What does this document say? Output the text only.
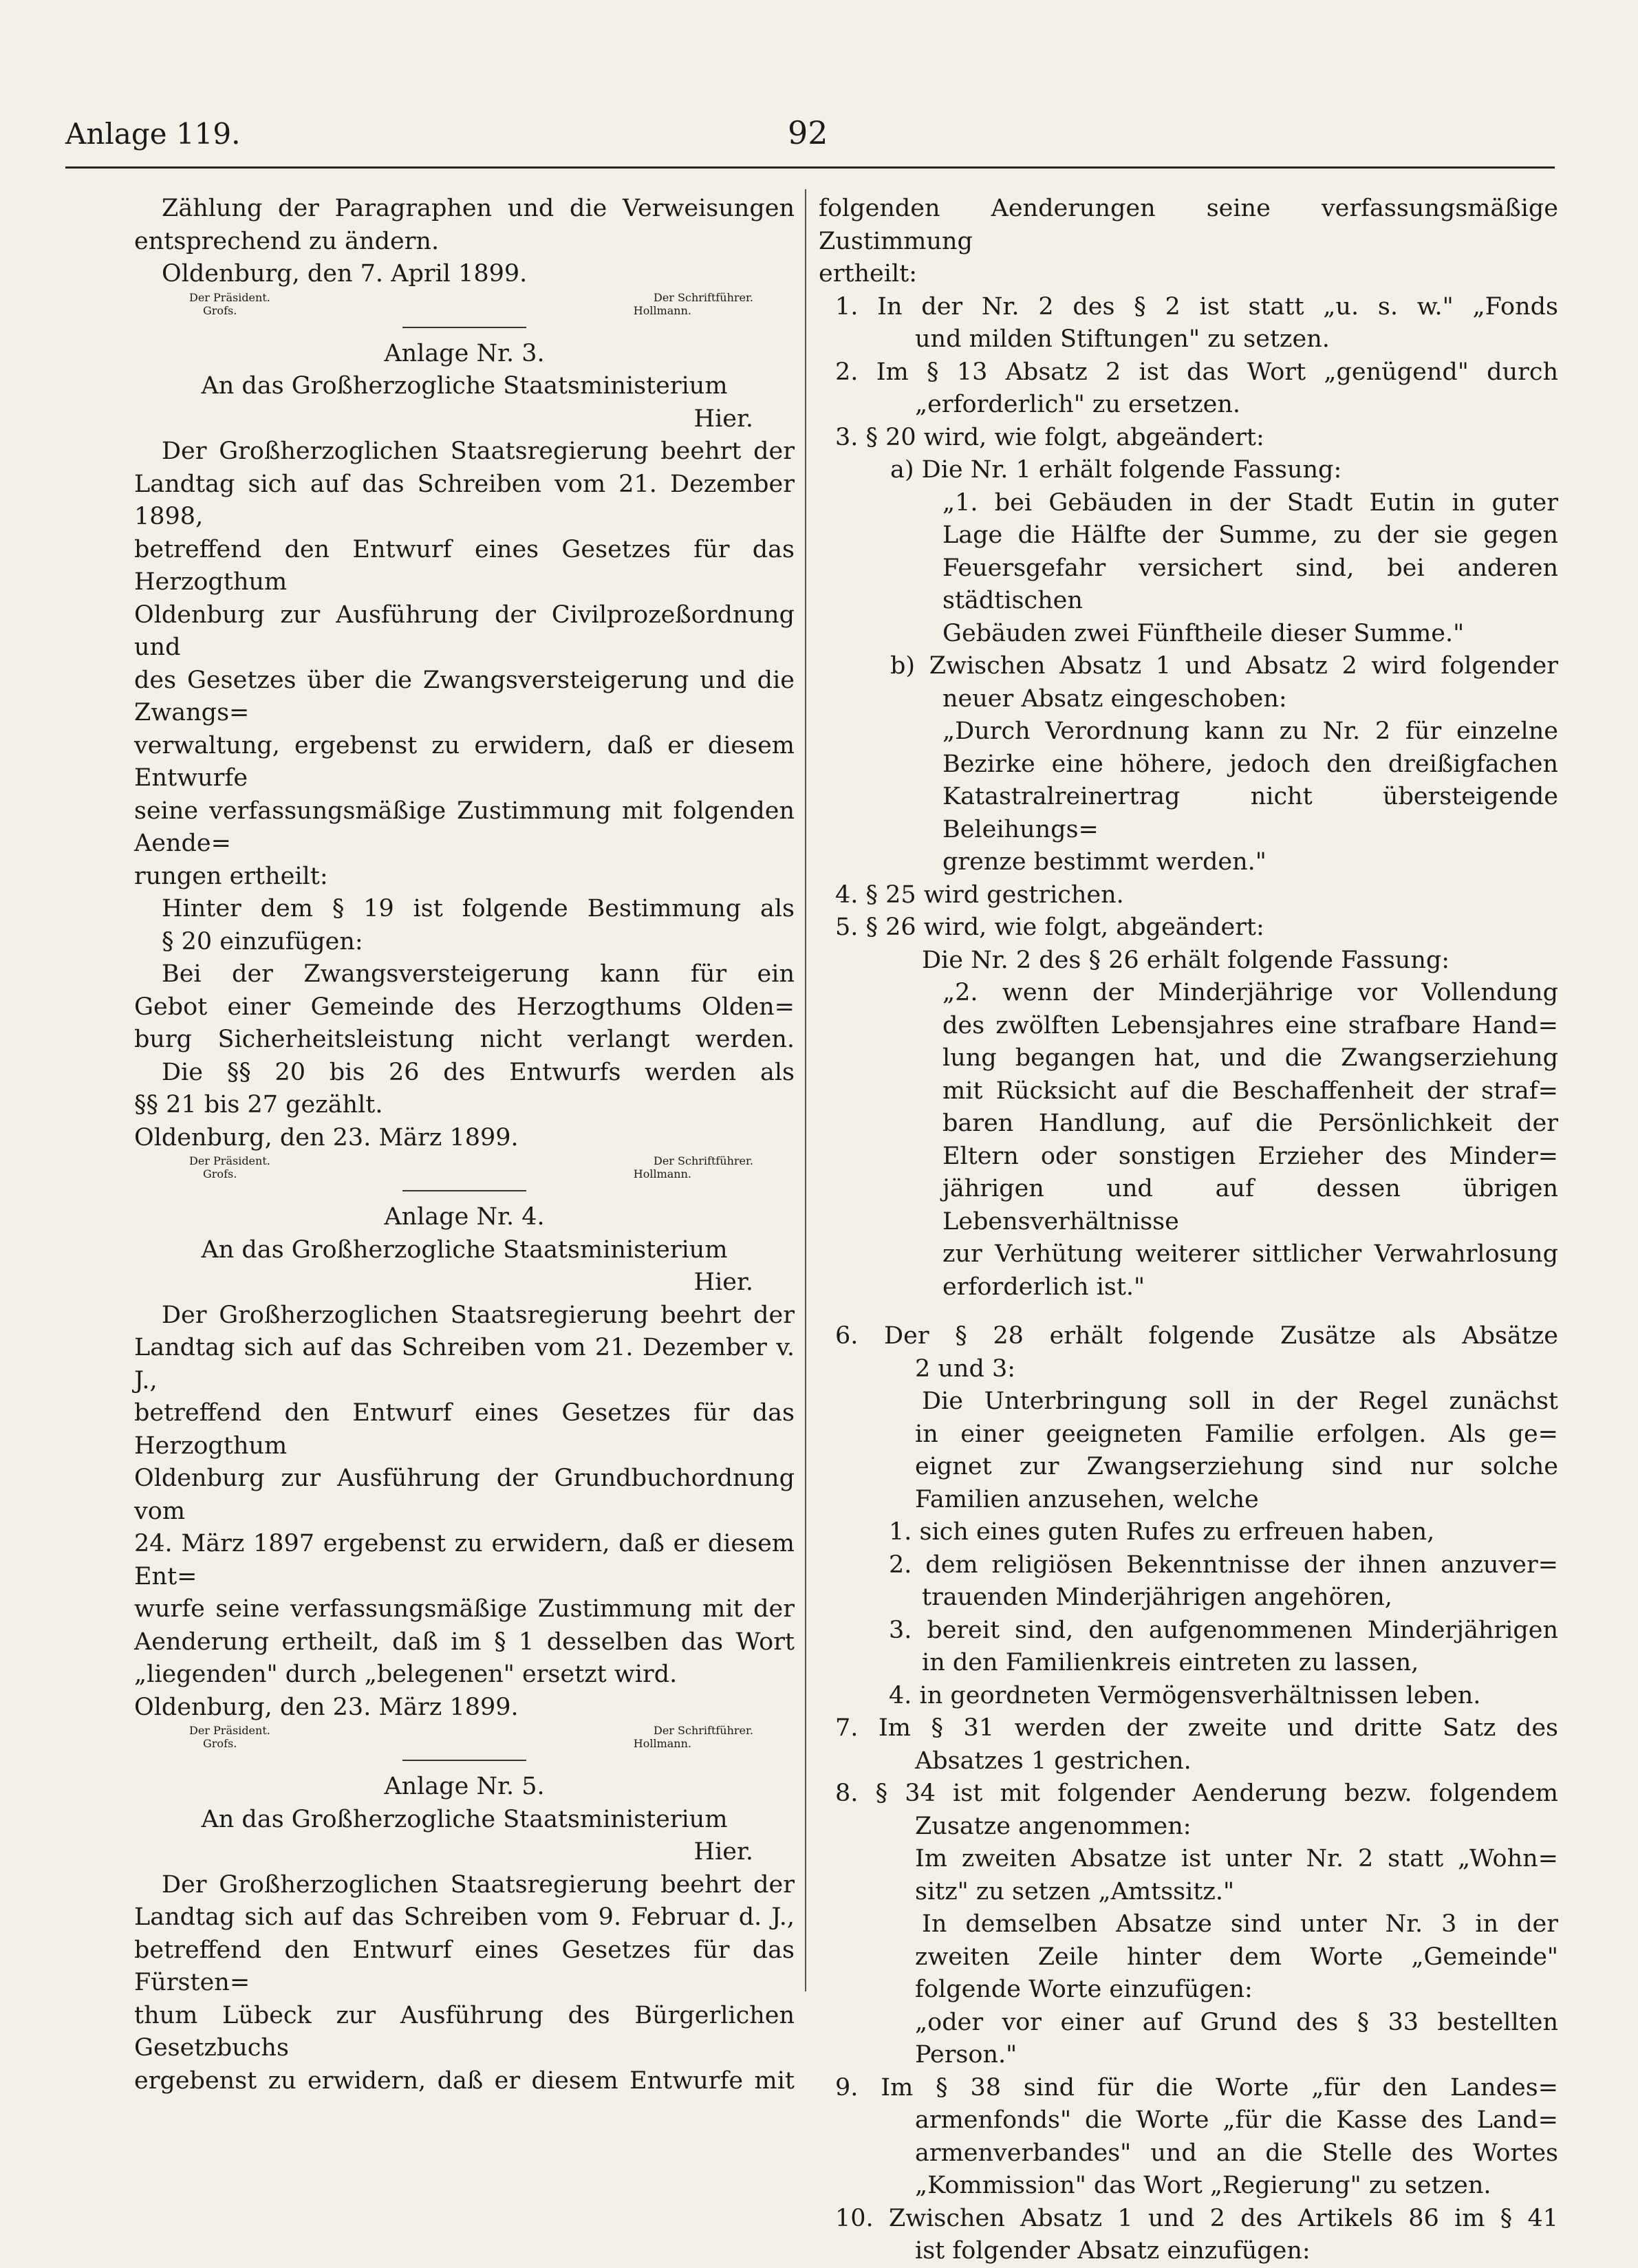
Anlage 119.	92

Zählung der Paragraphen und die Verweisungen

entsprechend zu ändern.

Oldenburg, den 7. April 1899.

Der Präsident.	Der Schriftführer.
Grofs.	Hollmann.

Anlage Nr. 3.

An das Großherzogliche Staatsministerium

Hier.

Der Großherzoglichen Staatsregierung beehrt der

Landtag sich auf das Schreiben vom 21. Dezember 1898,

betreffend den Entwurf eines Gesetzes für das Herzogthum

Oldenburg zur Ausführung der Civilprozeßordnung und

des Gesetzes über die Zwangsversteigerung und die Zwangs=

verwaltung, ergebenst zu erwidern, daß er diesem Entwurfe

seine verfassungsmäßige Zustimmung mit folgenden Aende=

rungen ertheilt:

Hinter dem § 19 ist folgende Bestimmung als

§ 20 einzufügen:

Bei der Zwangsversteigerung kann für ein

Gebot einer Gemeinde des Herzogthums Olden=

burg Sicherheitsleistung nicht verlangt werden.

Die §§ 20 bis 26 des Entwurfs werden als

§§ 21 bis 27 gezählt.

Oldenburg, den 23. März 1899.

Der Präsident.	Der Schriftführer.
Grofs.	Hollmann.

Anlage Nr. 4.

An das Großherzogliche Staatsministerium

Hier.

Der Großherzoglichen Staatsregierung beehrt der

Landtag sich auf das Schreiben vom 21. Dezember v. J.,

betreffend den Entwurf eines Gesetzes für das Herzogthum

Oldenburg zur Ausführung der Grundbuchordnung vom

24. März 1897 ergebenst zu erwidern, daß er diesem Ent=

wurfe seine verfassungsmäßige Zustimmung mit der

Aenderung ertheilt, daß im § 1 desselben das Wort

„liegenden" durch „belegenen" ersetzt wird.

Oldenburg, den 23. März 1899.

Der Präsident.	Der Schriftführer.
Grofs.	Hollmann.

Anlage Nr. 5.

An das Großherzogliche Staatsministerium

Hier.

Der Großherzoglichen Staatsregierung beehrt der

Landtag sich auf das Schreiben vom 9. Februar d. J.,

betreffend den Entwurf eines Gesetzes für das Fürsten=

thum Lübeck zur Ausführung des Bürgerlichen Gesetzbuchs

ergebenst zu erwidern, daß er diesem Entwurfe mit

folgenden Aenderungen seine verfassungsmäßige Zustimmung

ertheilt:

1. In der Nr. 2 des § 2 ist statt „u. s. w." „Fonds

und milden Stiftungen" zu setzen.

2. Im § 13 Absatz 2 ist das Wort „genügend" durch

„erforderlich" zu ersetzen.

3. § 20 wird, wie folgt, abgeändert:

a) Die Nr. 1 erhält folgende Fassung:

„1. bei Gebäuden in der Stadt Eutin in guter

Lage die Hälfte der Summe, zu der sie gegen

Feuersgefahr versichert sind, bei anderen städtischen

Gebäuden zwei Fünftheile dieser Summe."

b) Zwischen Absatz 1 und Absatz 2 wird folgender

neuer Absatz eingeschoben:

„Durch Verordnung kann zu Nr. 2 für einzelne

Bezirke eine höhere, jedoch den dreißigfachen

Katastralreinertrag nicht übersteigende Beleihungs=

grenze bestimmt werden."

4. § 25 wird gestrichen.

5. § 26 wird, wie folgt, abgeändert:

Die Nr. 2 des § 26 erhält folgende Fassung:

„2. wenn der Minderjährige vor Vollendung

des zwölften Lebensjahres eine strafbare Hand=

lung begangen hat, und die Zwangserziehung

mit Rücksicht auf die Beschaffenheit der straf=

baren Handlung, auf die Persönlichkeit der

Eltern oder sonstigen Erzieher des Minder=

jährigen und auf dessen übrigen Lebensverhältnisse

zur Verhütung weiterer sittlicher Verwahrlosung

erforderlich ist."

6. Der § 28 erhält folgende Zusätze als Absätze

2 und 3:

Die Unterbringung soll in der Regel zunächst

in einer geeigneten Familie erfolgen. Als ge=

eignet zur Zwangserziehung sind nur solche

Familien anzusehen, welche

1. sich eines guten Rufes zu erfreuen haben,

2. dem religiösen Bekenntnisse der ihnen anzuver=

trauenden Minderjährigen angehören,

3. bereit sind, den aufgenommenen Minderjährigen

in den Familienkreis eintreten zu lassen,

4. in geordneten Vermögensverhältnissen leben.

7. Im § 31 werden der zweite und dritte Satz des

Absatzes 1 gestrichen.

8. § 34 ist mit folgender Aenderung bezw. folgendem

Zusatze angenommen:

Im zweiten Absatze ist unter Nr. 2 statt „Wohn=

sitz" zu setzen „Amtssitz."

In demselben Absatze sind unter Nr. 3 in der

zweiten Zeile hinter dem Worte „Gemeinde"

folgende Worte einzufügen:

„oder vor einer auf Grund des § 33 bestellten

Person."

9. Im § 38 sind für die Worte „für den Landes=

armenfonds" die Worte „für die Kasse des Land=

armenverbandes" und an die Stelle des Wortes

„Kommission" das Wort „Regierung" zu setzen.

10. Zwischen Absatz 1 und 2 des Artikels 86 im § 41

ist folgender Absatz einzufügen:
